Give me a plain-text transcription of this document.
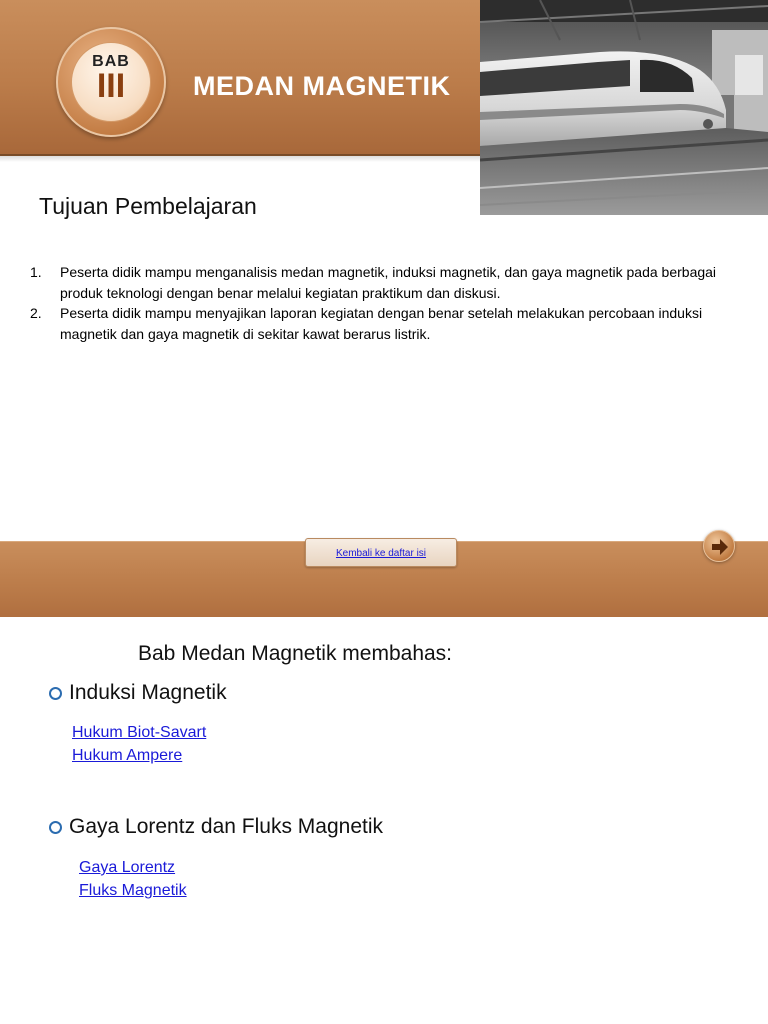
BAB
III	MEDAN MAGNETIK
Tujuan Pembelajaran
1. Peserta didik mampu menganalisis medan magnetik, induksi magnetik, dan gaya magnetik pada berbagai produk teknologi dengan benar melalui kegiatan praktikum dan diskusi.
2. Peserta didik mampu menyajikan laporan kegiatan dengan benar setelah melakukan percobaan induksi magnetik dan gaya magnetik di sekitar kawat berarus listrik.
Kembali ke daftar isi
Bab Medan Magnetik membahas:
Induksi Magnetik
Hukum Biot-Savart
Hukum Ampere
Gaya Lorentz dan Fluks Magnetik
Gaya Lorentz
Fluks Magnetik
